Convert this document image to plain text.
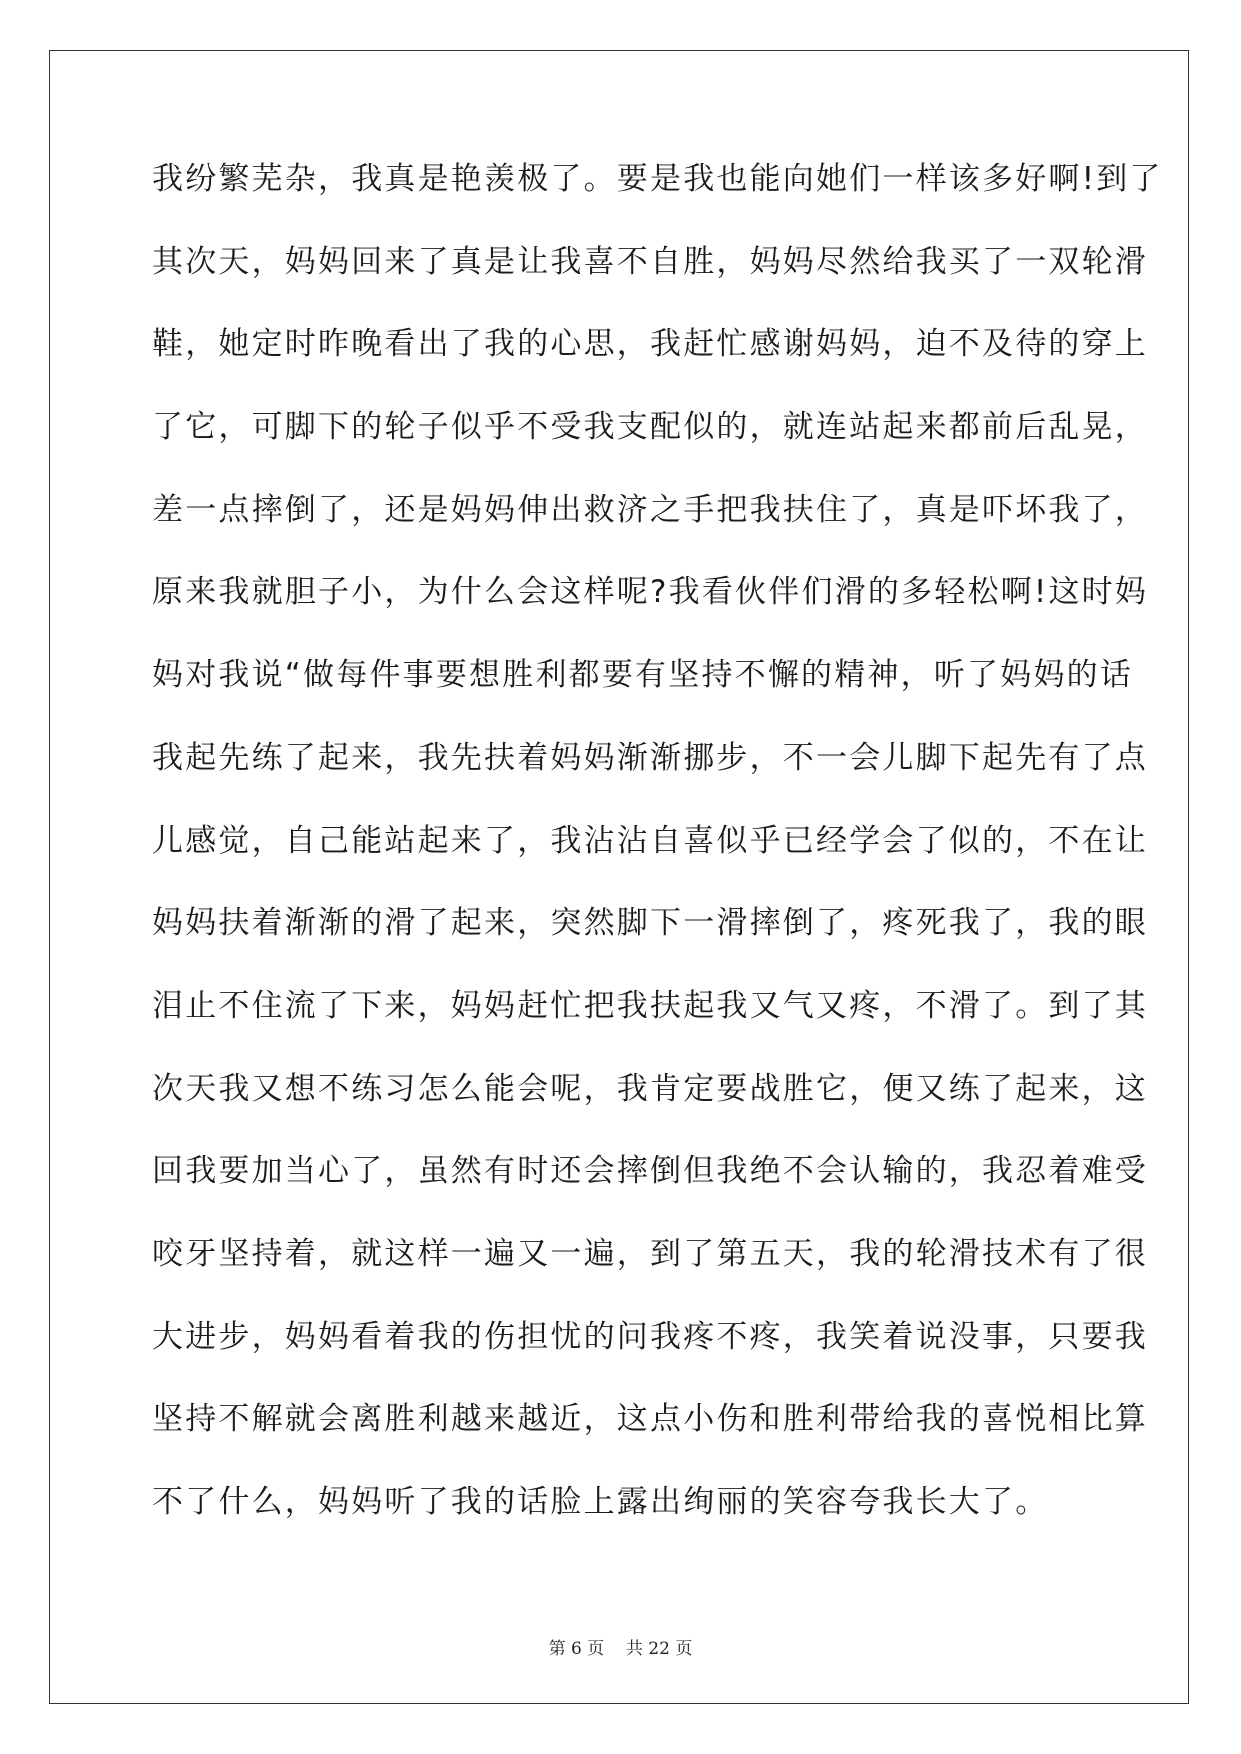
我纷繁芜杂，我真是艳羡极了。要是我也能向她们一样该多好啊!到了
其次天，妈妈回来了真是让我喜不自胜，妈妈尽然给我买了一双轮滑
鞋，她定时昨晚看出了我的心思，我赶忙感谢妈妈，迫不及待的穿上
了它，可脚下的轮子似乎不受我支配似的，就连站起来都前后乱晃，
差一点摔倒了，还是妈妈伸出救济之手把我扶住了，真是吓坏我了，
原来我就胆子小，为什么会这样呢?我看伙伴们滑的多轻松啊!这时妈
妈对我说“做每件事要想胜利都要有坚持不懈的精神，听了妈妈的话
我起先练了起来，我先扶着妈妈渐渐挪步，不一会儿脚下起先有了点
儿感觉，自己能站起来了，我沾沾自喜似乎已经学会了似的，不在让
妈妈扶着渐渐的滑了起来，突然脚下一滑摔倒了，疼死我了，我的眼
泪止不住流了下来，妈妈赶忙把我扶起我又气又疼，不滑了。到了其
次天我又想不练习怎么能会呢，我肯定要战胜它，便又练了起来，这
回我要加当心了，虽然有时还会摔倒但我绝不会认输的，我忍着难受
咬牙坚持着，就这样一遍又一遍，到了第五天，我的轮滑技术有了很
大进步，妈妈看着我的伤担忧的问我疼不疼，我笑着说没事，只要我
坚持不解就会离胜利越来越近，这点小伤和胜利带给我的喜悦相比算
不了什么，妈妈听了我的话脸上露出绚丽的笑容夸我长大了。
第 6 页 共 22 页
